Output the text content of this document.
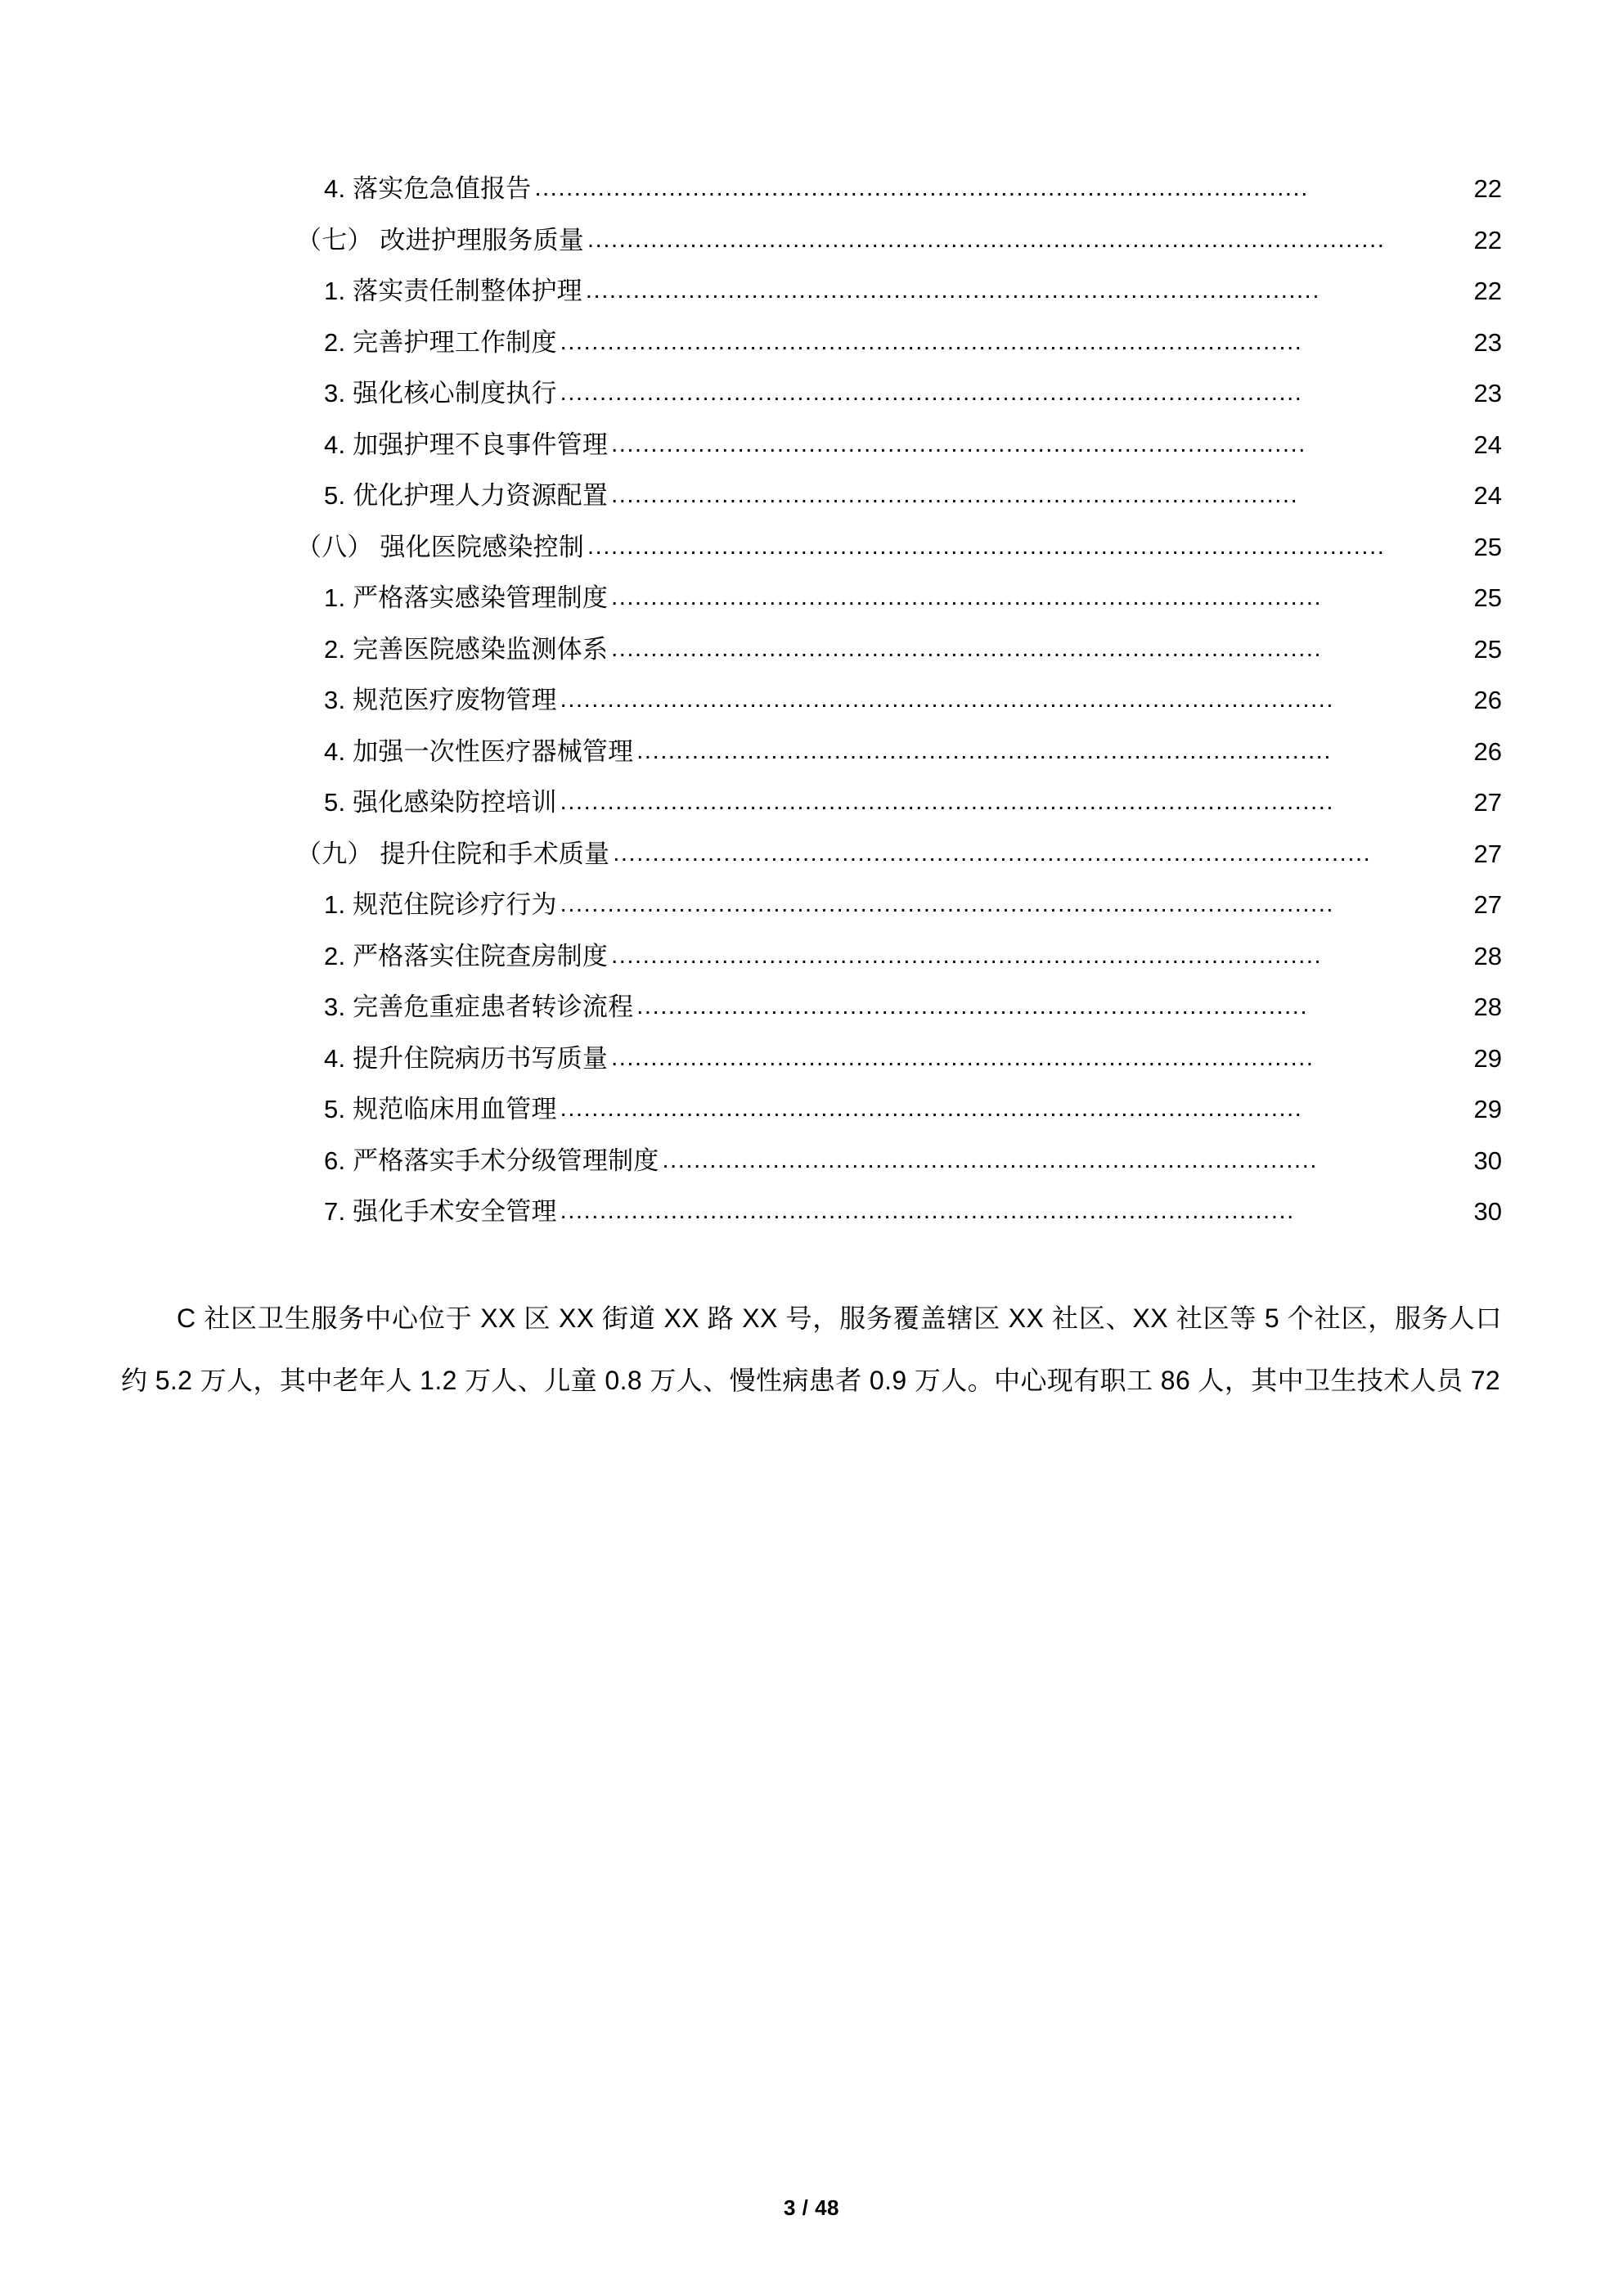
4. 落实危急值报告 ..................................................................................................	22
（七） 改进护理服务质量 .....................................................................................................	22
1. 落实责任制整体护理 .............................................................................................	22
2. 完善护理工作制度 ..............................................................................................	23
3. 强化核心制度执行 ..............................................................................................	23
4. 加强护理不良事件管理 ........................................................................................	24
5. 优化护理人力资源配置 .......................................................................................	24
（八） 强化医院感染控制 .....................................................................................................	25
1. 严格落实感染管理制度 ..........................................................................................	25
2. 完善医院感染监测体系 ..........................................................................................	25
3. 规范医疗废物管理 ..................................................................................................	26
4. 加强一次性医疗器械管理 ........................................................................................	26
5. 强化感染防控培训 ..................................................................................................	27
（九） 提升住院和手术质量 ................................................................................................	27
1. 规范住院诊疗行为 ..................................................................................................	27
2. 严格落实住院查房制度 ..........................................................................................	28
3. 完善危重症患者转诊流程 .....................................................................................	28
4. 提升住院病历书写质量 .........................................................................................	29
5. 规范临床用血管理 ..............................................................................................	29
6. 严格落实手术分级管理制度 ...................................................................................	30
7. 强化手术安全管理 .............................................................................................	30

C 社区卫生服务中心位于 XX 区 XX 街道 XX 路 XX 号，服务覆盖辖区 XX 社区、XX 社区等 5 个社区，服务人口约 5.2 万人，其中老年人 1.2 万人、儿童 0.8 万人、慢性病患者 0.9 万人。中心现有职工 86 人，其中卫生技术人员 72

3 / 48
